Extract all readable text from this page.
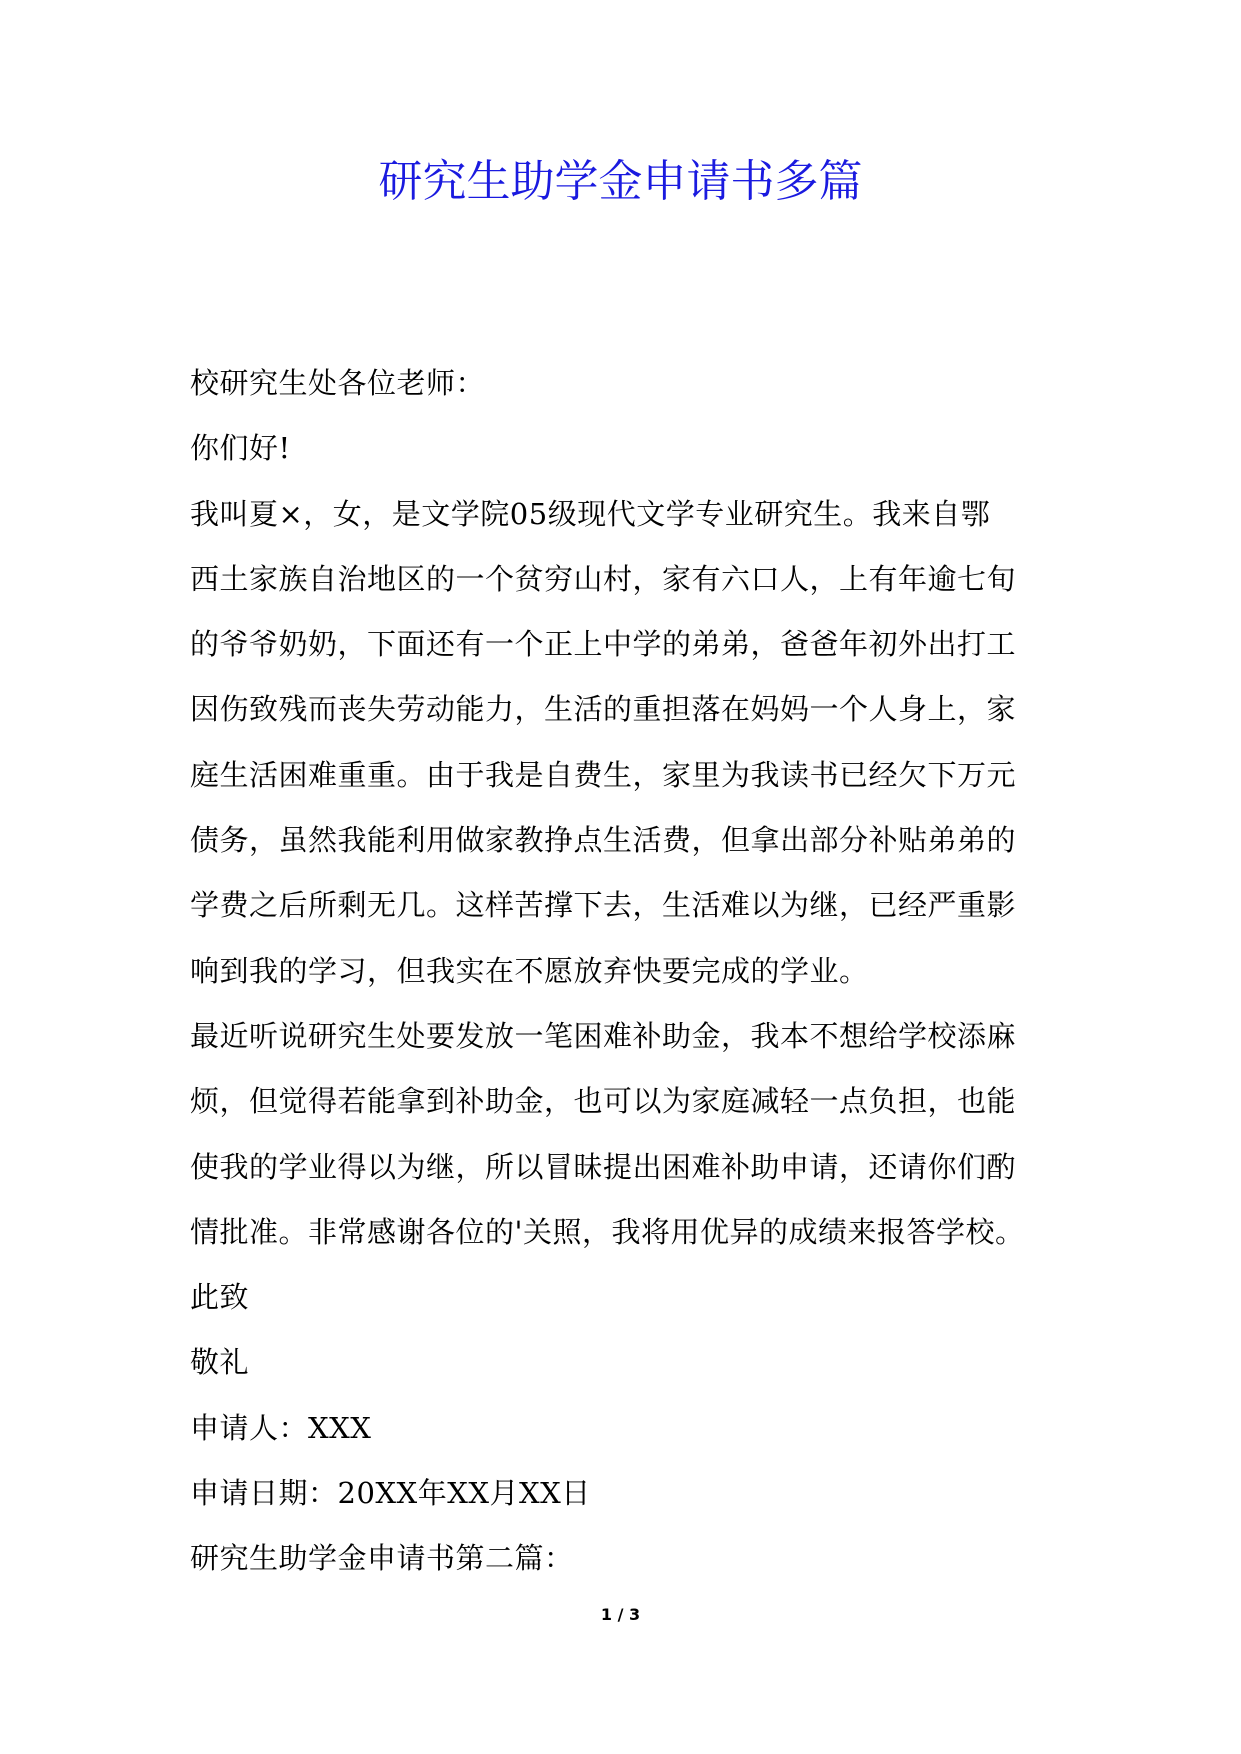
研究生助学金申请书多篇
校研究生处各位老师：
你们好!
我叫夏×，女，是文学院05级现代文学专业研究生。我来自鄂
西土家族自治地区的一个贫穷山村，家有六口人，上有年逾七旬
的爷爷奶奶，下面还有一个正上中学的弟弟，爸爸年初外出打工
因伤致残而丧失劳动能力，生活的重担落在妈妈一个人身上，家
庭生活困难重重。由于我是自费生，家里为我读书已经欠下万元
债务，虽然我能利用做家教挣点生活费，但拿出部分补贴弟弟的
学费之后所剩无几。这样苦撑下去，生活难以为继，已经严重影
响到我的学习，但我实在不愿放弃快要完成的学业。
最近听说研究生处要发放一笔困难补助金，我本不想给学校添麻
烦，但觉得若能拿到补助金，也可以为家庭减轻一点负担，也能
使我的学业得以为继，所以冒昧提出困难补助申请，还请你们酌
情批准。非常感谢各位的'关照，我将用优异的成绩来报答学校。
此致
敬礼
申请人：XXX
申请日期：20XX年XX月XX日
研究生助学金申请书第二篇：
1 / 3
